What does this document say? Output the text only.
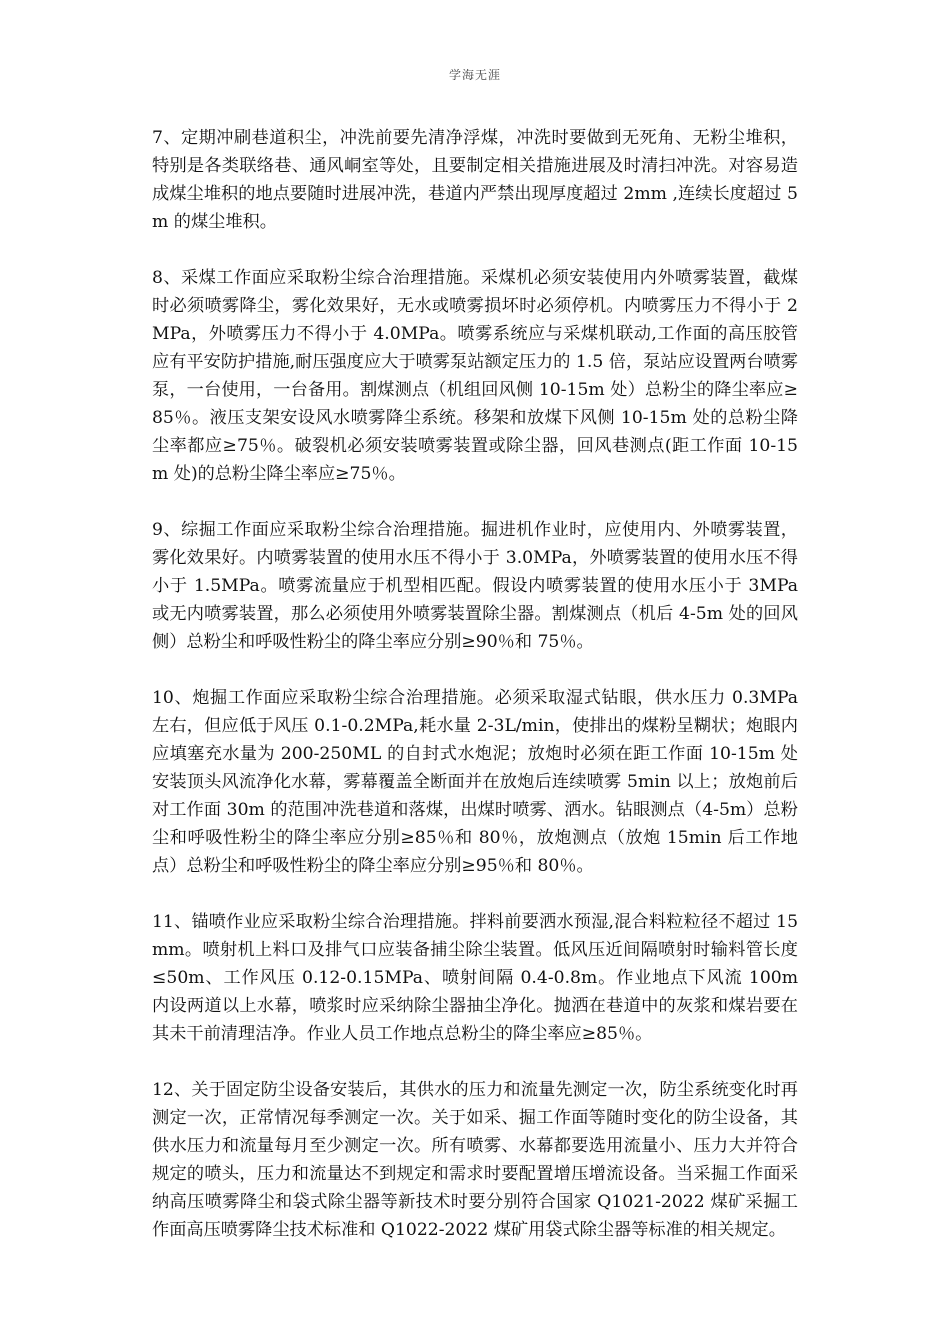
学海无涯

7、定期冲刷巷道积尘，冲洗前要先清净浮煤，冲洗时要做到无死角、无粉尘堆积，特别是各类联络巷、通风峒室等处，且要制定相关措施进展及时清扫冲洗。对容易造成煤尘堆积的地点要随时进展冲洗，巷道内严禁出现厚度超过 2mm ,连续长度超过 5m 的煤尘堆积。

8、采煤工作面应采取粉尘综合治理措施。采煤机必须安装使用内外喷雾装置，截煤时必须喷雾降尘，雾化效果好，无水或喷雾损坏时必须停机。内喷雾压力不得小于 2MPa，外喷雾压力不得小于 4.0MPa。喷雾系统应与采煤机联动,工作面的高压胶管应有平安防护措施,耐压强度应大于喷雾泵站额定压力的 1.5 倍，泵站应设置两台喷雾泵，一台使用，一台备用。割煤测点（机组回风侧 10-15m 处）总粉尘的降尘率应≥85％。液压支架安设风水喷雾降尘系统。移架和放煤下风侧 10-15m 处的总粉尘降尘率都应≥75％。破裂机必须安装喷雾装置或除尘器，回风巷测点(距工作面 10-15m 处)的总粉尘降尘率应≥75％。

9、综掘工作面应采取粉尘综合治理措施。掘进机作业时，应使用内、外喷雾装置，雾化效果好。内喷雾装置的使用水压不得小于 3.0MPa，外喷雾装置的使用水压不得小于 1.5MPa。喷雾流量应于机型相匹配。假设内喷雾装置的使用水压小于 3MPa 或无内喷雾装置，那么必须使用外喷雾装置除尘器。割煤测点（机后 4-5m 处的回风侧）总粉尘和呼吸性粉尘的降尘率应分别≥90％和 75％。

10、炮掘工作面应采取粉尘综合治理措施。必须采取湿式钻眼，供水压力 0.3MPa 左右，但应低于风压 0.1-0.2MPa,耗水量 2-3L/min，使排出的煤粉呈糊状；炮眼内应填塞充水量为 200-250ML 的自封式水炮泥；放炮时必须在距工作面 10-15m 处安装顶头风流净化水幕，雾幕覆盖全断面并在放炮后连续喷雾 5min 以上；放炮前后对工作面 30m 的范围冲洗巷道和落煤，出煤时喷雾、洒水。钻眼测点（4-5m）总粉尘和呼吸性粉尘的降尘率应分别≥85％和 80％，放炮测点（放炮 15min 后工作地点）总粉尘和呼吸性粉尘的降尘率应分别≥95％和 80％。

11、锚喷作业应采取粉尘综合治理措施。拌料前要洒水预湿,混合料粒粒径不超过 15mm。喷射机上料口及排气口应装备捕尘除尘装置。低风压近间隔喷射时输料管长度≤50m、工作风压 0.12-0.15MPa、喷射间隔 0.4-0.8m。作业地点下风流 100m 内设两道以上水幕，喷浆时应采纳除尘器抽尘净化。抛洒在巷道中的灰浆和煤岩要在其未干前清理洁净。作业人员工作地点总粉尘的降尘率应≥85％。

12、关于固定防尘设备安装后，其供水的压力和流量先测定一次，防尘系统变化时再测定一次，正常情况每季测定一次。关于如采、掘工作面等随时变化的防尘设备，其供水压力和流量每月至少测定一次。所有喷雾、水幕都要选用流量小、压力大并符合规定的喷头，压力和流量达不到规定和需求时要配置增压增流设备。当采掘工作面采纳高压喷雾降尘和袋式除尘器等新技术时要分别符合国家 Q1021-2022 煤矿采掘工作面高压喷雾降尘技术标准和 Q1022-2022 煤矿用袋式除尘器等标准的相关规定。
